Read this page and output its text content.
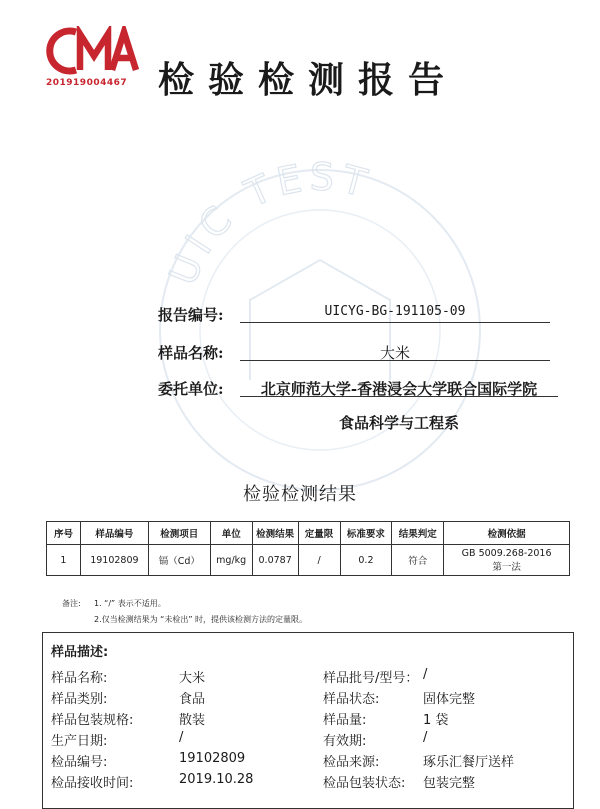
UIC TEST
201919004467 检验检测报告
报告编号:	UICYG-BG-191105-09
样品名称:	大米
委托单位:	北京师范大学-香港浸会大学联合国际学院
食品科学与工程系
检验检测结果
序号	样品编号	检测项目	单位	检测结果	定量限	标准要求	结果判定	检测依据
1	19102809	镉（Cd）	mg/kg	0.0787	/	0.2	符合	GB 5009.268-2016
第一法
备注: 1. “/” 表示不适用。
2.仅当检测结果为 “未检出” 时，提供该检测方法的定量限。
样品描述:
样品名称:	大米	样品批号/型号： /
样品类别:	食品	样品状态:	固体完整
样品包装规格:	散装	样品量:	1 袋
生产日期:	/	有效期:	/
检品编号:	19102809	检品来源:	琢乐汇餐厅送样
检品接收时间:	2019.10.28	检品包装状态: 包装完整
